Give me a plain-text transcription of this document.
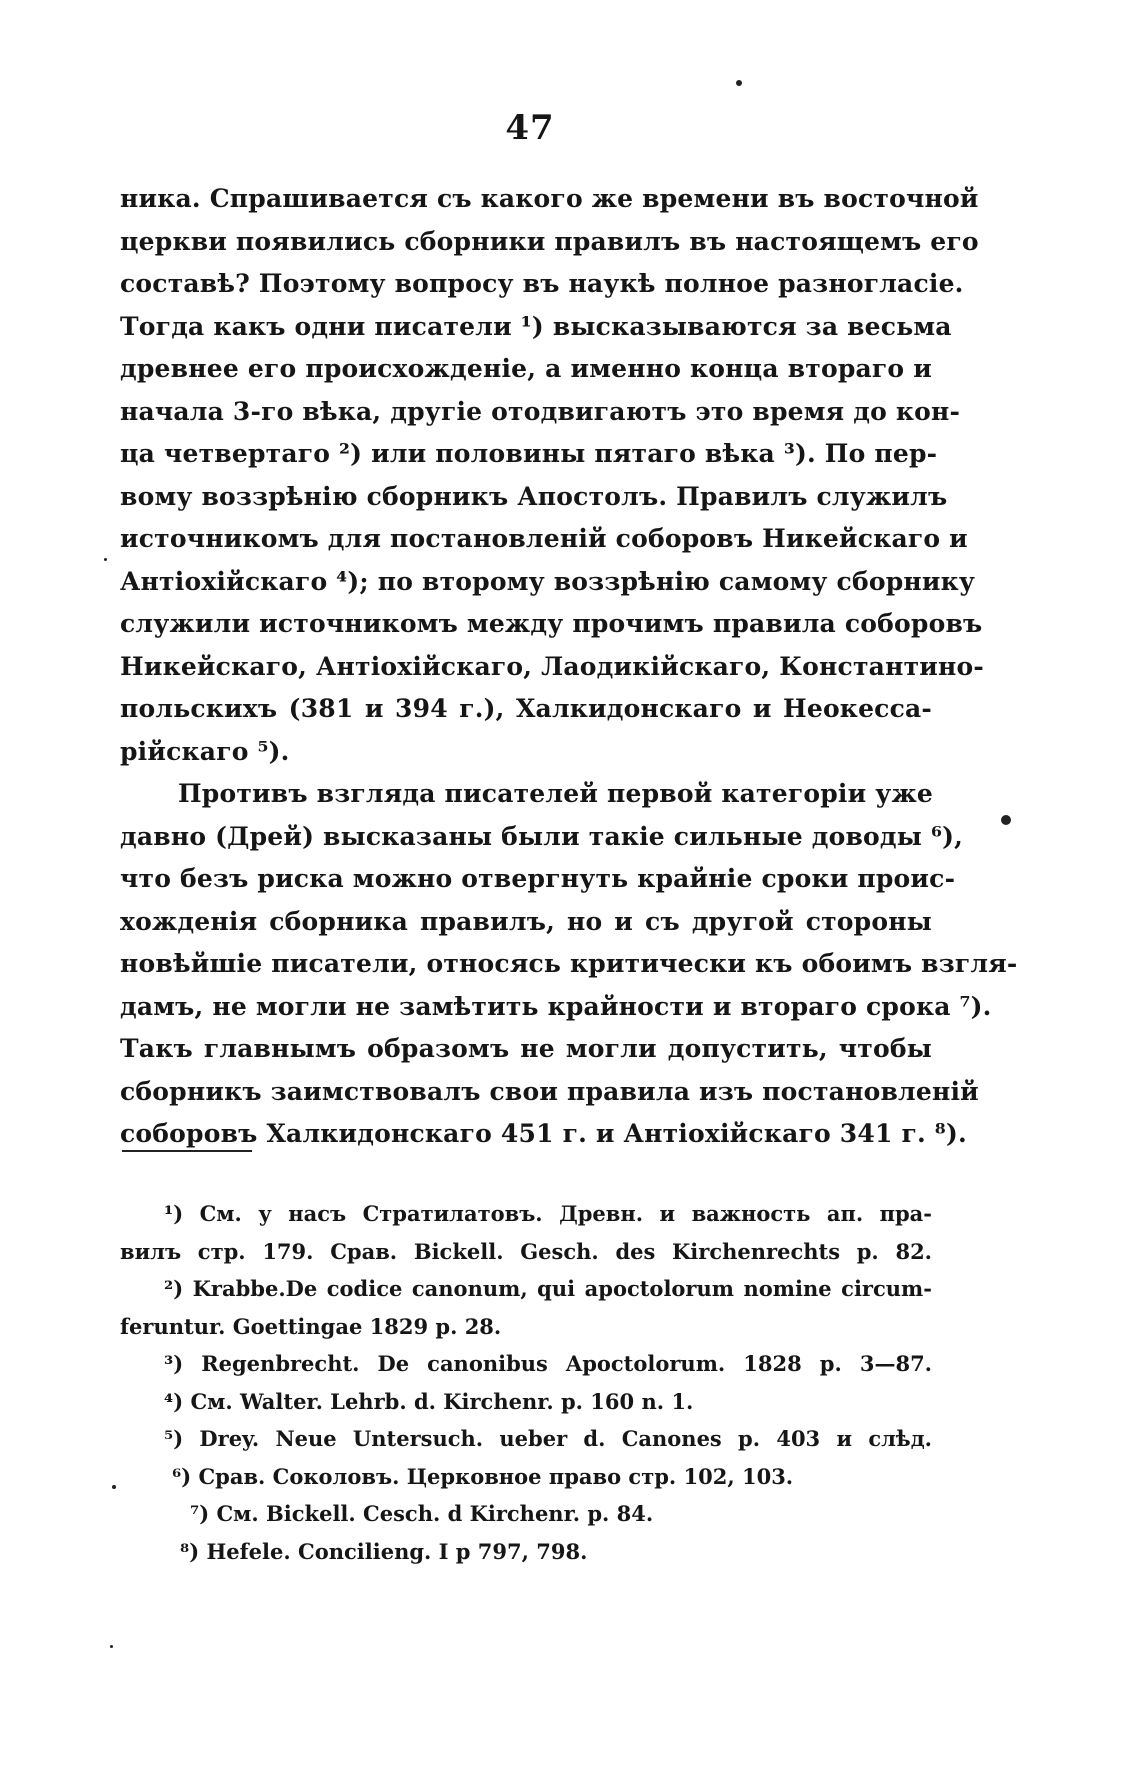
47
ника. Спрашивается съ какого же времени въ восточной
церкви появились сборники правилъ въ настоящемъ его
составѣ? Поэтому вопросу въ наукѣ полное разногласіе.
Тогда какъ одни писатели ¹) высказываются за весьма
древнее его происхожденіе, а именно конца втораго и
начала 3-го вѣка, другіе отодвигаютъ это время до кон-
ца четвертаго ²) или половины пятаго вѣка ³). По пер-
вому воззрѣнію сборникъ Апостолъ. Правилъ служилъ
источникомъ для постановленій соборовъ Никейскаго и
Антіохійскаго ⁴); по второму воззрѣнію самому сборнику
служили источникомъ между прочимъ правила соборовъ
Никейскаго, Антіохійскаго, Лаодикійскаго, Константино-
польскихъ (381 и 394 г.), Халкидонскаго и Неокесса-
рійскаго ⁵).
Противъ взгляда писателей первой категоріи уже
давно (Дрей) высказаны были такіе сильные доводы ⁶),
что безъ риска можно отвергнуть крайніе сроки проис-
хожденія сборника правилъ, но и съ другой стороны
новѣйшіе писатели, относясь критически къ обоимъ взгля-
дамъ, не могли не замѣтить крайности и втораго срока ⁷).
Такъ главнымъ образомъ не могли допустить, чтобы
сборникъ заимствовалъ свои правила изъ постановленій
соборовъ Халкидонскаго 451 г. и Антіохійскаго 341 г. ⁸).
¹) См. у насъ Стратилатовъ. Древн. и важность ап. пра-
вилъ стр. 179. Срав. Bickell. Gesch. des Kirchenrechts p. 82.
²) Krabbe.De codice canonum, qui apoctolorum nomine circum-
feruntur. Goettingae 1829 p. 28.
³) Regenbrecht. De canonibus Apoctolorum. 1828 p. 3—87.
⁴) См. Walter. Lehrb. d. Kirchenr. p. 160 n. 1.
⁵) Drey. Neue Untersuch. ueber d. Canones p. 403 и слѣд.
⁶) Срав. Соколовъ. Церковное право стр. 102, 103.
⁷) См. Bickell. Cesch. d Kirchenr. p. 84.
⁸) Hefele. Conciliеng. I p 797, 798.
